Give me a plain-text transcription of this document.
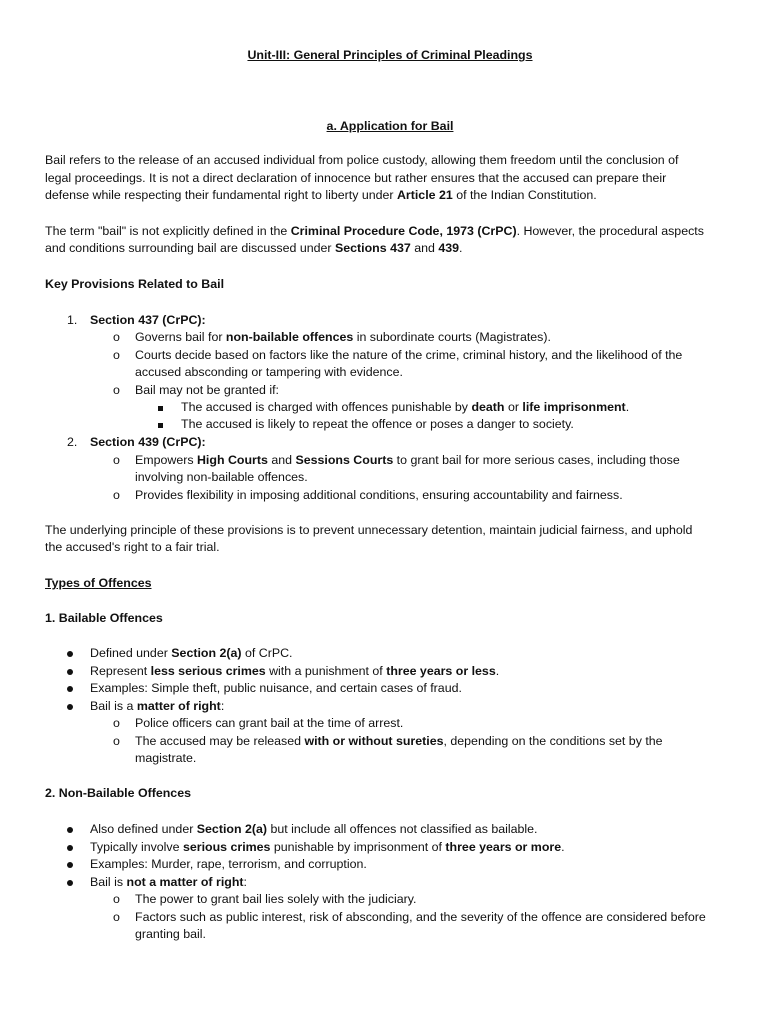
Unit-III: General Principles of Criminal Pleadings
a. Application for Bail
Bail refers to the release of an accused individual from police custody, allowing them freedom until the conclusion of
legal proceedings. It is not a direct declaration of innocence but rather ensures that the accused can prepare their
defense while respecting their fundamental right to liberty under Article 21 of the Indian Constitution.
The term "bail" is not explicitly defined in the Criminal Procedure Code, 1973 (CrPC). However, the procedural aspects
and conditions surrounding bail are discussed under Sections 437 and 439.
Key Provisions Related to Bail
1. Section 437 (CrPC):
o Governs bail for non-bailable offences in subordinate courts (Magistrates).
o Courts decide based on factors like the nature of the crime, criminal history, and the likelihood of the
accused absconding or tampering with evidence.
o Bail may not be granted if:
The accused is charged with offences punishable by death or life imprisonment.
The accused is likely to repeat the offence or poses a danger to society.
2. Section 439 (CrPC):
o Empowers High Courts and Sessions Courts to grant bail for more serious cases, including those
involving non-bailable offences.
o Provides flexibility in imposing additional conditions, ensuring accountability and fairness.
The underlying principle of these provisions is to prevent unnecessary detention, maintain judicial fairness, and uphold
the accused's right to a fair trial.
Types of Offences
1. Bailable Offences
Defined under Section 2(a) of CrPC.
Represent less serious crimes with a punishment of three years or less.
Examples: Simple theft, public nuisance, and certain cases of fraud.
Bail is a matter of right:
o Police officers can grant bail at the time of arrest.
o The accused may be released with or without sureties, depending on the conditions set by the
magistrate.
2. Non-Bailable Offences
Also defined under Section 2(a) but include all offences not classified as bailable.
Typically involve serious crimes punishable by imprisonment of three years or more.
Examples: Murder, rape, terrorism, and corruption.
Bail is not a matter of right:
o The power to grant bail lies solely with the judiciary.
o Factors such as public interest, risk of absconding, and the severity of the offence are considered before
granting bail.
